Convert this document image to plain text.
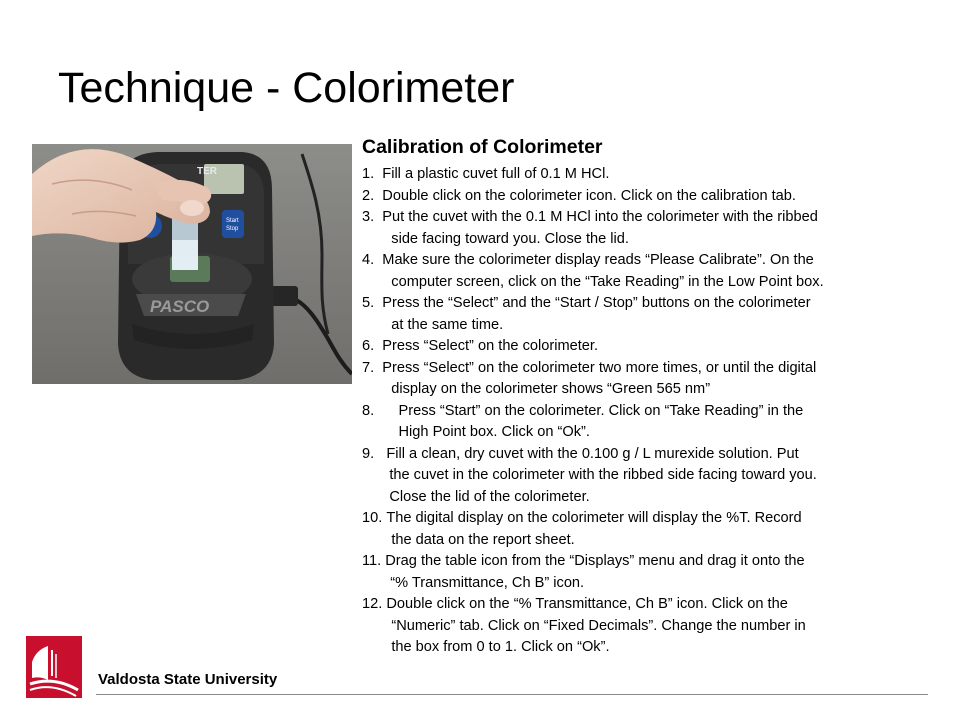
Technique - Colorimeter
TER
Start
Stop
PASCO
Calibration of Colorimeter
1. Fill a plastic cuvet full of 0.1 M HCl.
2. Double click on the colorimeter icon. Click on the calibration tab.
3. Put the cuvet with the 0.1 M HCl into the colorimeter with the ribbed
side facing toward you. Close the lid.
4. Make sure the colorimeter display reads “Please Calibrate”. On the
computer screen, click on the “Take Reading” in the Low Point box.
5. Press the “Select” and the “Start / Stop” buttons on the colorimeter
at the same time.
6. Press “Select” on the colorimeter.
7. Press “Select” on the colorimeter two more times, or until the digital
display on the colorimeter shows “Green 565 nm”
8. Press “Start” on the colorimeter. Click on “Take Reading” in the
High Point box. Click on “Ok”.
9. Fill a clean, dry cuvet with the 0.100 g / L murexide solution. Put
the cuvet in the colorimeter with the ribbed side facing toward you.
Close the lid of the colorimeter.
10. The digital display on the colorimeter will display the %T. Record
the data on the report sheet.
11. Drag the table icon from the “Displays” menu and drag it onto the
“% Transmittance, Ch B” icon.
12. Double click on the “% Transmittance, Ch B” icon. Click on the
“Numeric” tab. Click on “Fixed Decimals”. Change the number in
the box from 0 to 1. Click on “Ok”.
Valdosta State University
